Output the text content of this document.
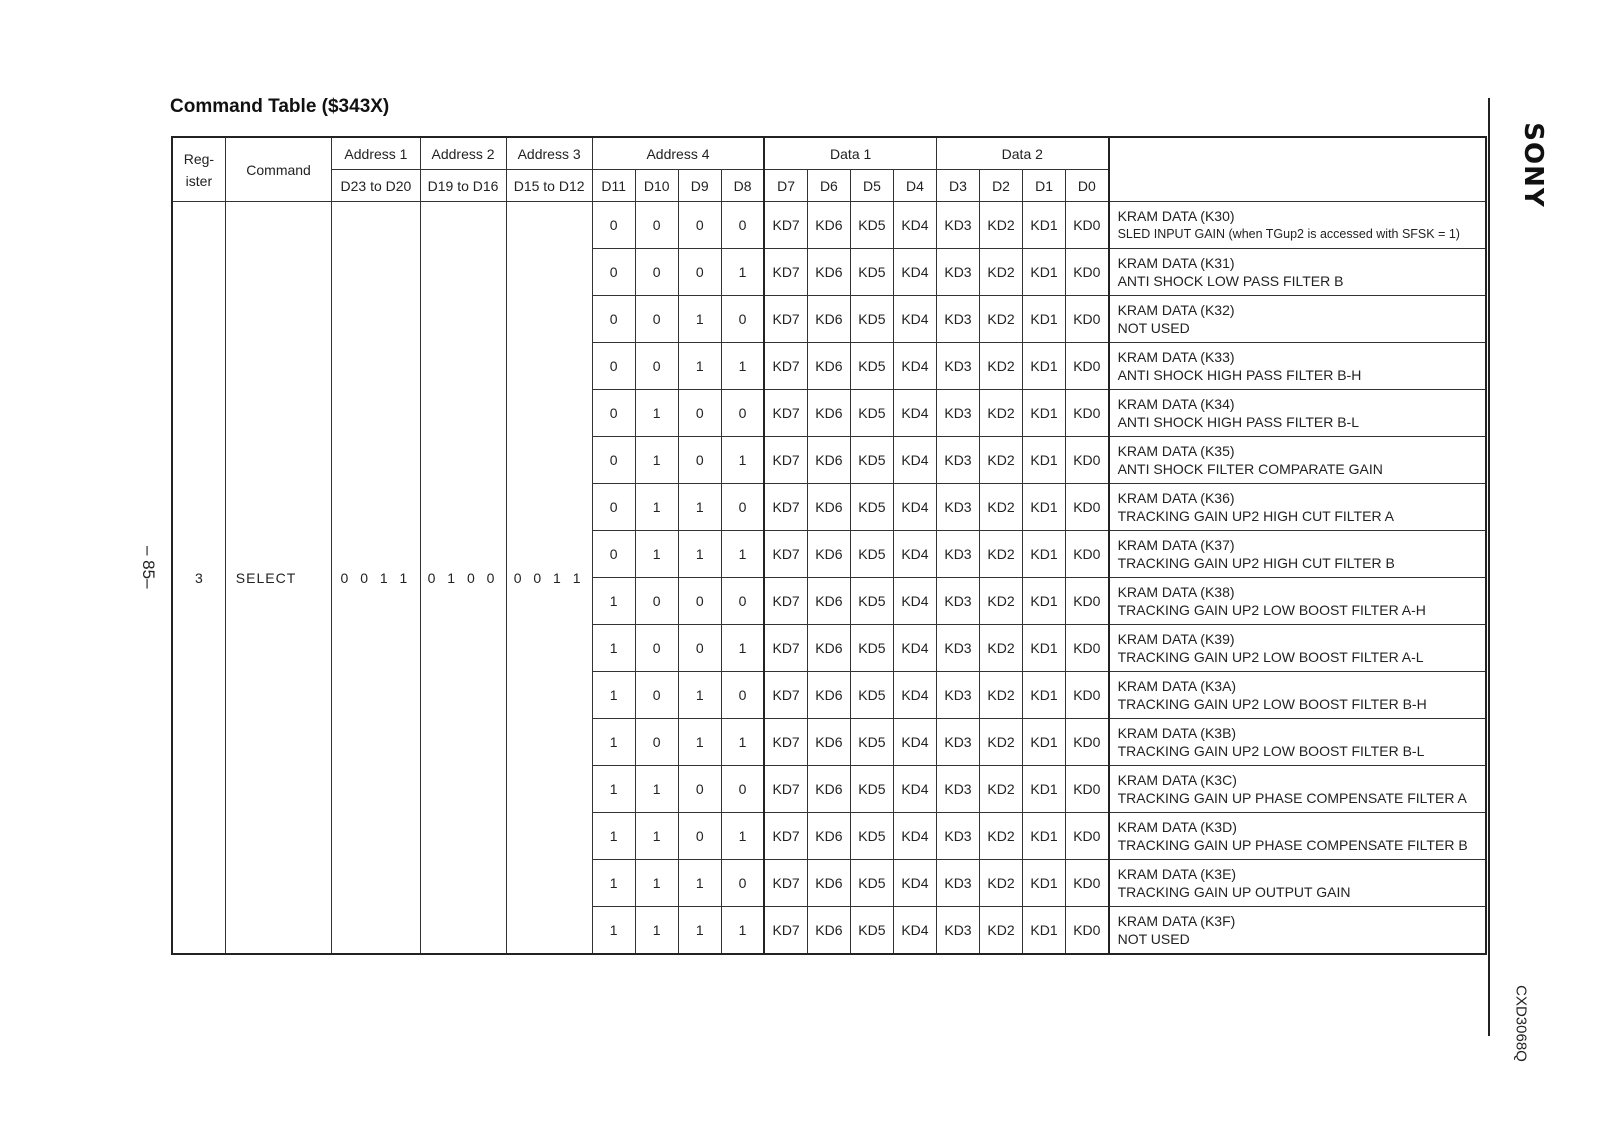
Command Table ($343X)
– 85–
SONY
CXD3068Q
Reg-
ister	Command	Address 1	Address 2	Address 3	Address 4				Data 1				Data 2				
		D23 to D20	D19 to D16	D15 to D12	D11	D10	D9	D8	D7	D6	D5	D4	D3	D2	D1	D0	
3	SELECT	0 0 1 1	0 1 0 0	0 0 1 1	0	0	0	0	KD7	KD6	KD5	KD4	KD3	KD2	KD1	KD0	KRAM DATA (K30)
SLED INPUT GAIN (when TGup2 is accessed with SFSK = 1)

					0	0	0	1	KD7	KD6	KD5	KD4	KD3	KD2	KD1	KD0	KRAM DATA (K31)
ANTI SHOCK LOW PASS FILTER B

					0	0	1	0	KD7	KD6	KD5	KD4	KD3	KD2	KD1	KD0	KRAM DATA (K32)
NOT USED

					0	0	1	1	KD7	KD6	KD5	KD4	KD3	KD2	KD1	KD0	KRAM DATA (K33)
ANTI SHOCK HIGH PASS FILTER B-H

					0	1	0	0	KD7	KD6	KD5	KD4	KD3	KD2	KD1	KD0	KRAM DATA (K34)
ANTI SHOCK HIGH PASS FILTER B-L

					0	1	0	1	KD7	KD6	KD5	KD4	KD3	KD2	KD1	KD0	KRAM DATA (K35)
ANTI SHOCK FILTER COMPARATE GAIN

					0	1	1	0	KD7	KD6	KD5	KD4	KD3	KD2	KD1	KD0	KRAM DATA (K36)
TRACKING GAIN UP2 HIGH CUT FILTER A

					0	1	1	1	KD7	KD6	KD5	KD4	KD3	KD2	KD1	KD0	KRAM DATA (K37)
TRACKING GAIN UP2 HIGH CUT FILTER B

					1	0	0	0	KD7	KD6	KD5	KD4	KD3	KD2	KD1	KD0	KRAM DATA (K38)
TRACKING GAIN UP2 LOW BOOST FILTER A-H

					1	0	0	1	KD7	KD6	KD5	KD4	KD3	KD2	KD1	KD0	KRAM DATA (K39)
TRACKING GAIN UP2 LOW BOOST FILTER A-L

					1	0	1	0	KD7	KD6	KD5	KD4	KD3	KD2	KD1	KD0	KRAM DATA (K3A)
TRACKING GAIN UP2 LOW BOOST FILTER B-H

					1	0	1	1	KD7	KD6	KD5	KD4	KD3	KD2	KD1	KD0	KRAM DATA (K3B)
TRACKING GAIN UP2 LOW BOOST FILTER B-L

					1	1	0	0	KD7	KD6	KD5	KD4	KD3	KD2	KD1	KD0	KRAM DATA (K3C)
TRACKING GAIN UP PHASE COMPENSATE FILTER A

					1	1	0	1	KD7	KD6	KD5	KD4	KD3	KD2	KD1	KD0	KRAM DATA (K3D)
TRACKING GAIN UP PHASE COMPENSATE FILTER B

					1	1	1	0	KD7	KD6	KD5	KD4	KD3	KD2	KD1	KD0	KRAM DATA (K3E)
TRACKING GAIN UP OUTPUT GAIN

					1	1	1	1	KD7	KD6	KD5	KD4	KD3	KD2	KD1	KD0	KRAM DATA (K3F)
NOT USED
